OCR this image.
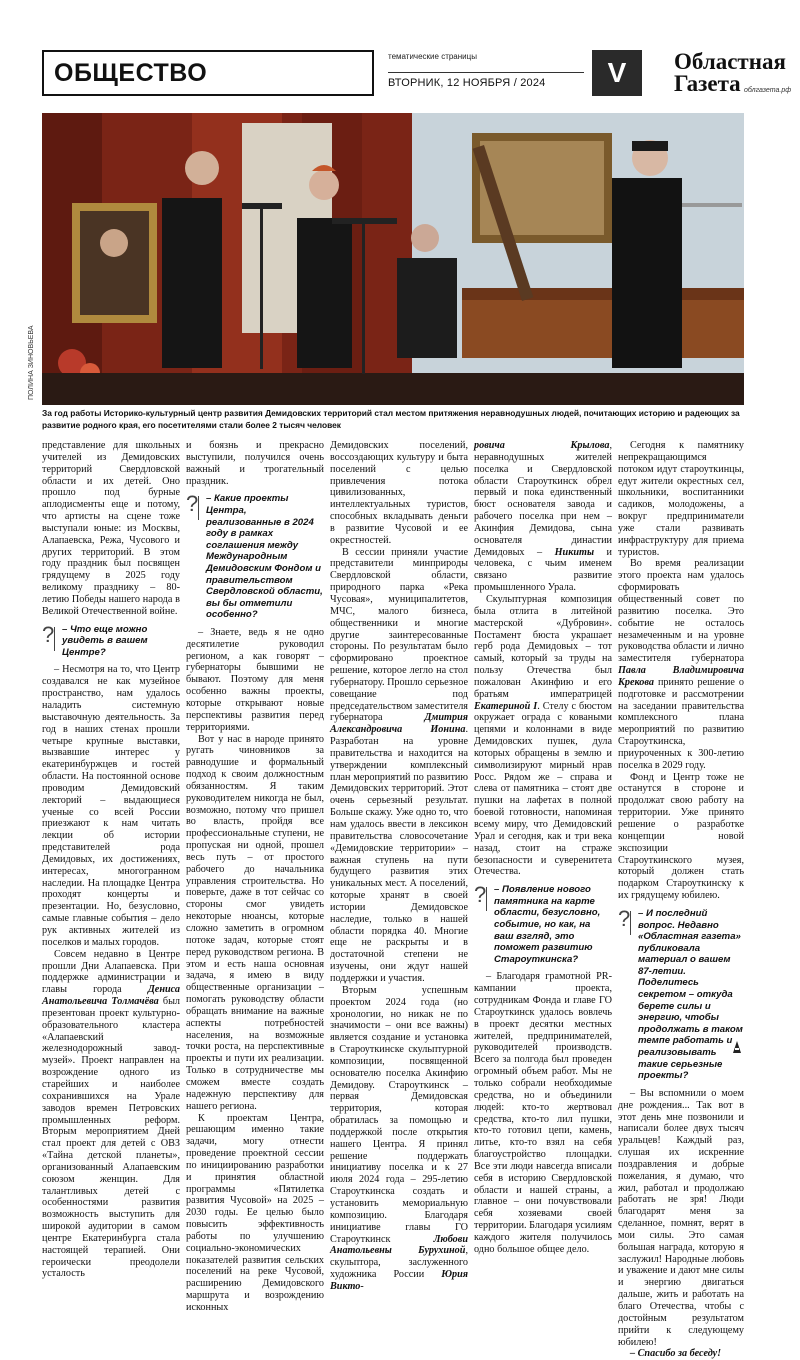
ОБЩЕСТВО
тематические страницы
ВТОРНИК, 12 НОЯБРЯ / 2024	V	Областная
Газета облгазета.рф
ПОЛИНА ЗИНОВЬЕВА
За год работы Историко-культурный центр развития Демидовских территорий стал местом притяжения неравнодушных людей, почитающих историю и радеющих за развитие родного края, его посетителями стали более 2 тысяч человек

представление для школьных учителей из Демидовских территорий Свердловской области и их детей. Оно прошло под бурные аплодисменты еще и потому, что артисты на сцене тоже выступали юные: из Москвы, Алапаевска, Режа, Чусового и других территорий. В этом году праздник был посвящен грядущему в 2025 году великому празднику – 80-летию Победы нашего народа в Великой Отечественной войне.

? – Что еще можно увидеть в вашем Центре?

– Несмотря на то, что Центр создавался не как музейное пространство, нам удалось наладить системную выставочную деятельность. За год в наших стенах прошли четыре крупные выставки, вызвавшие интерес у екатеринбуржцев и гостей области. На постоянной основе проводим Демидовский лекторий – выдающиеся ученые со всей России приезжают к нам читать лекции об истории представителей рода Демидовых, их достижениях, интересах, многогранном наследии. На площадке Центра проходят концерты и презентации. Но, безусловно, самые главные события – дело рук активных жителей из поселков и малых городов.

Совсем недавно в Центре прошли Дни Алапаевска. При поддержке администрации и главы города Дениса Анатольевича Толмачёва был презентован проект культурно-образовательного кластера «Алапаевский железнодорожный завод-музей». Проект направлен на возрождение одного из старейших и наиболее сохранившихся на Урале заводов времен Петровских промышленных реформ. Вторым мероприятием Дней стал проект для детей с ОВЗ «Тайна детской планеты», организованный Алапаевским союзом женщин. Для талантливых детей с особенностями развития возможность выступить для широкой аудитории в самом центре Екатеринбурга стала настоящей терапией. Они героически преодолели усталость

и боязнь и прекрасно выступили, получился очень важный и трогательный праздник.

? – Какие проекты Центра, реализованные в 2024 году в рамках соглашения между Международным Демидовским Фондом и правительством Свердловской области, вы бы отметили особенно?

– Знаете, ведь я не одно десятилетие руководил регионом, а как говорят – губернаторы бывшими не бывают. Поэтому для меня особенно важны проекты, которые открывают новые перспективы развития перед территориями.

Вот у нас в народе принято ругать чиновников за равнодушие и формальный подход к своим должностным обязанностям. Я таким руководителем никогда не был, возможно, потому что пришел во власть, пройдя все профессиональные ступени, не пропуская ни одной, прошел весь путь – от простого рабочего до начальника управления строительства. Но поверьте, даже в тот сейчас со стороны смог увидеть некоторые нюансы, которые сложно заметить в огромном потоке задач, которые стоят перед руководством региона. В этом и есть наша основная задача, я имею в виду общественные организации – помогать руководству области обращать внимание на важные аспекты потребностей населения, на возможные точки роста, на перспективные проекты и пути их реализации. Только в сотрудничестве мы сможем вместе создать надежную перспективу для нашего региона.

К проектам Центра, решающим именно такие задачи, могу отнести проведение проектной сессии по инициированию разработки и принятия областной программы «Пятилетка развития Чусовой» на 2025 – 2030 годы. Ее целью было повысить эффективность работы по улучшению социально-экономических показателей развития сельских поселений на реке Чусовой, расширению Демидовского маршрута и возрождению исконных

Демидовских поселений, воссоздающих культуру и быта поселений с целью привлечения потока цивилизованных, интеллектуальных туристов, способных вкладывать деньги в развитие Чусовой и ее окрестностей.

В сессии приняли участие представители минприроды Свердловской области, природного парка «Река Чусовая», муниципалитетов, МЧС, малого бизнеса, общественники и многие другие заинтересованные стороны. По результатам было сформировано проектное решение, которое легло на стол губернатору. Прошло серьезное совещание под председательством заместителя губернатора Дмитрия Александровича Ионина. Разработан на уровне правительства и находится на утверждении комплексный план мероприятий по развитию Демидовских территорий. Этот очень серьезный результат. Больше скажу. Уже одно то, что нам удалось ввести в лексикон правительства словосочетание «Демидовские территории» – важная ступень на пути будущего развития этих уникальных мест. А поселений, которые хранят в своей истории Демидовское наследие, только в нашей области порядка 40. Многие еще не раскрыты и в достаточной степени не изучены, они ждут нашей поддержки и участия.

Вторым успешным проектом 2024 года (но хронологии, но никак не по значимости – они все важны) является создание и установка в Староуткинске скульптурной композиции, посвященной основателю поселка Акинфию Демидову. Староуткинск – первая Демидовская территория, которая обратилась за помощью и поддержкой после открытия нашего Центра. Я принял решение поддержать инициативу поселка и к 27 июля 2024 года – 295-летию Староуткинска создать и установить мемориальную композицию. Благодаря инициативе главы ГО Староуткинск Любови Анатольевны Бурухиной, скульптора, заслуженного художника России Юрия Викто-

ровича Крылова, неравнодушных жителей поселка и Свердловской области Староуткинск обрел первый и пока единственный бюст основателя завода и рабочего поселка при нем – Акинфия Демидова, сына основателя династии Демидовых – Никиты и человека, с чьим именем связано развитие промышленного Урала.

Скульптурная композиция была отлита в литейной мастерской «Дубровин». Постамент бюста украшает герб рода Демидовых – тот самый, который за труды на пользу Отечества был пожалован Акинфию и его братьям императрицей Екатериной I. Стелу с бюстом окружает ограда с коваными цепями и колоннами в виде Демидовских пушек, дула которых обращены в землю и символизируют мирный нрав Росс. Рядом же – справа и слева от памятника – стоят две пушки на лафетах в полной боевой готовности, напоминая всему миру, что Демидовский Урал и сегодня, как и три века назад, стоит на страже безопасности и суверенитета Отечества.

? – Появление нового памятника на карте области, безусловно, событие, но как, на ваш взгляд, это поможет развитию Староуткинска?

– Благодаря грамотной PR-кампании проекта, сотрудникам Фонда и главе ГО Староуткинск удалось вовлечь в проект десятки местных жителей, предпринимателей, руководителей производств. Всего за полгода был проведен огромный объем работ. Мы не только собрали необходимые средства, но и объединили людей: кто-то жертвовал средства, кто-то лил пушки, кто-то готовил цепи, камень, литье, кто-то взял на себя благоустройство площадки. Все эти люди навсегда вписали себя в историю Свердловской области и нашей страны, а главное – они почувствовали себя хозяевами своей территории. Благодаря усилиям каждого жителя получилось одно большое общее дело.

Сегодня к памятнику непрекращающимся потоком идут староуткинцы, едут жители окрестных сел, школьники, воспитанники садиков, молодожены, а вокруг предприниматели уже стали развивать инфраструктуру для приема туристов.

Во время реализации этого проекта нам удалось сформировать общественный совет по развитию поселка. Это событие не осталось незамеченным и на уровне руководства области и лично заместителя губернатора Павла Владимировича Крекова принято решение о подготовке и рассмотрении на заседании правительства комплексного плана мероприятий по развитию Староуткинска, приуроченных к 300-летию поселка в 2029 году.

Фонд и Центр тоже не останутся в стороне и продолжат свою работу на территории. Уже принято решение о разработке концепции новой экспозиции Староуткинского музея, который должен стать подарком Староуткинску к их грядущему юбилею.

? – И последний вопрос. Недавно «Областная газета» публиковала материал о вашем 87-летии. Поделитесь секретом – откуда берете силы и энергию, чтобы продолжать в таком темпе работать и реализовывать такие серьезные проекты?

– Вы вспомнили о моем дне рождения... Так вот в этот день мне позвонили и написали более двух тысяч уральцев! Каждый раз, слушая их искренние поздравления и добрые пожелания, я думаю, что жил, работал и продолжаю работать не зря! Люди благодарят меня за сделанное, помнят, верят в мои силы. Это самая большая награда, которую я заслужил! Народные любовь и уважение и дают мне силы и энергию двигаться дальше, жить и работать на благо Отечества, чтобы с достойным результатом прийти к следующему юбилею!

– Спасибо за беседу!
